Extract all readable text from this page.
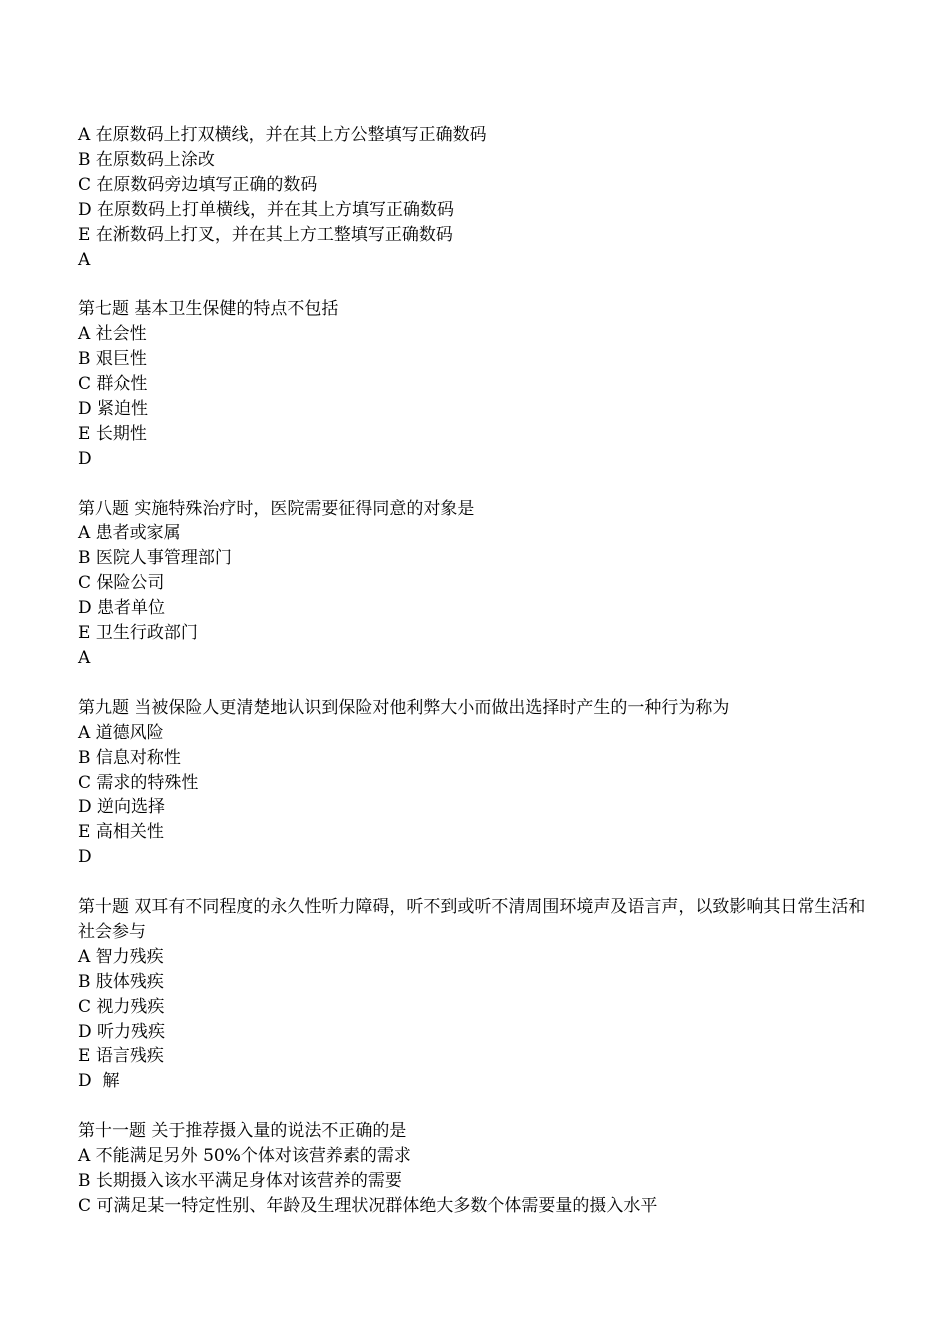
A 在原数码上打双横线，并在其上方公整填写正确数码

B 在原数码上涂改

C 在原数码旁边填写正确的数码

D 在原数码上打单横线，并在其上方填写正确数码

E 在淅数码上打叉，并在其上方工整填写正确数码

A

第七题 基本卫生保健的特点不包括

A 社会性

B 艰巨性

C 群众性

D 紧迫性

E 长期性

D

第八题 实施特殊治疗时，医院需要征得同意的对象是

A 患者或家属

B 医院人事管理部门

C 保险公司

D 患者单位

E 卫生行政部门

A

第九题 当被保险人更清楚地认识到保险对他利弊大小而做出选择时产生的一种行为称为

A 道德风险

B 信息对称性

C 需求的特殊性

D 逆向选择

E 高相关性

D

第十题 双耳有不同程度的永久性听力障碍，听不到或听不清周围环境声及语言声，以致影响其日常生活和社会参与

A 智力残疾

B 肢体残疾

C 视力残疾

D 听力残疾

E 语言残疾

D  解

第十一题 关于推荐摄入量的说法不正确的是

A 不能满足另外 50%个体对该营养素的需求

B 长期摄入该水平满足身体对该营养的需要

C 可满足某一特定性别、年龄及生理状况群体绝大多数个体需要量的摄入水平
